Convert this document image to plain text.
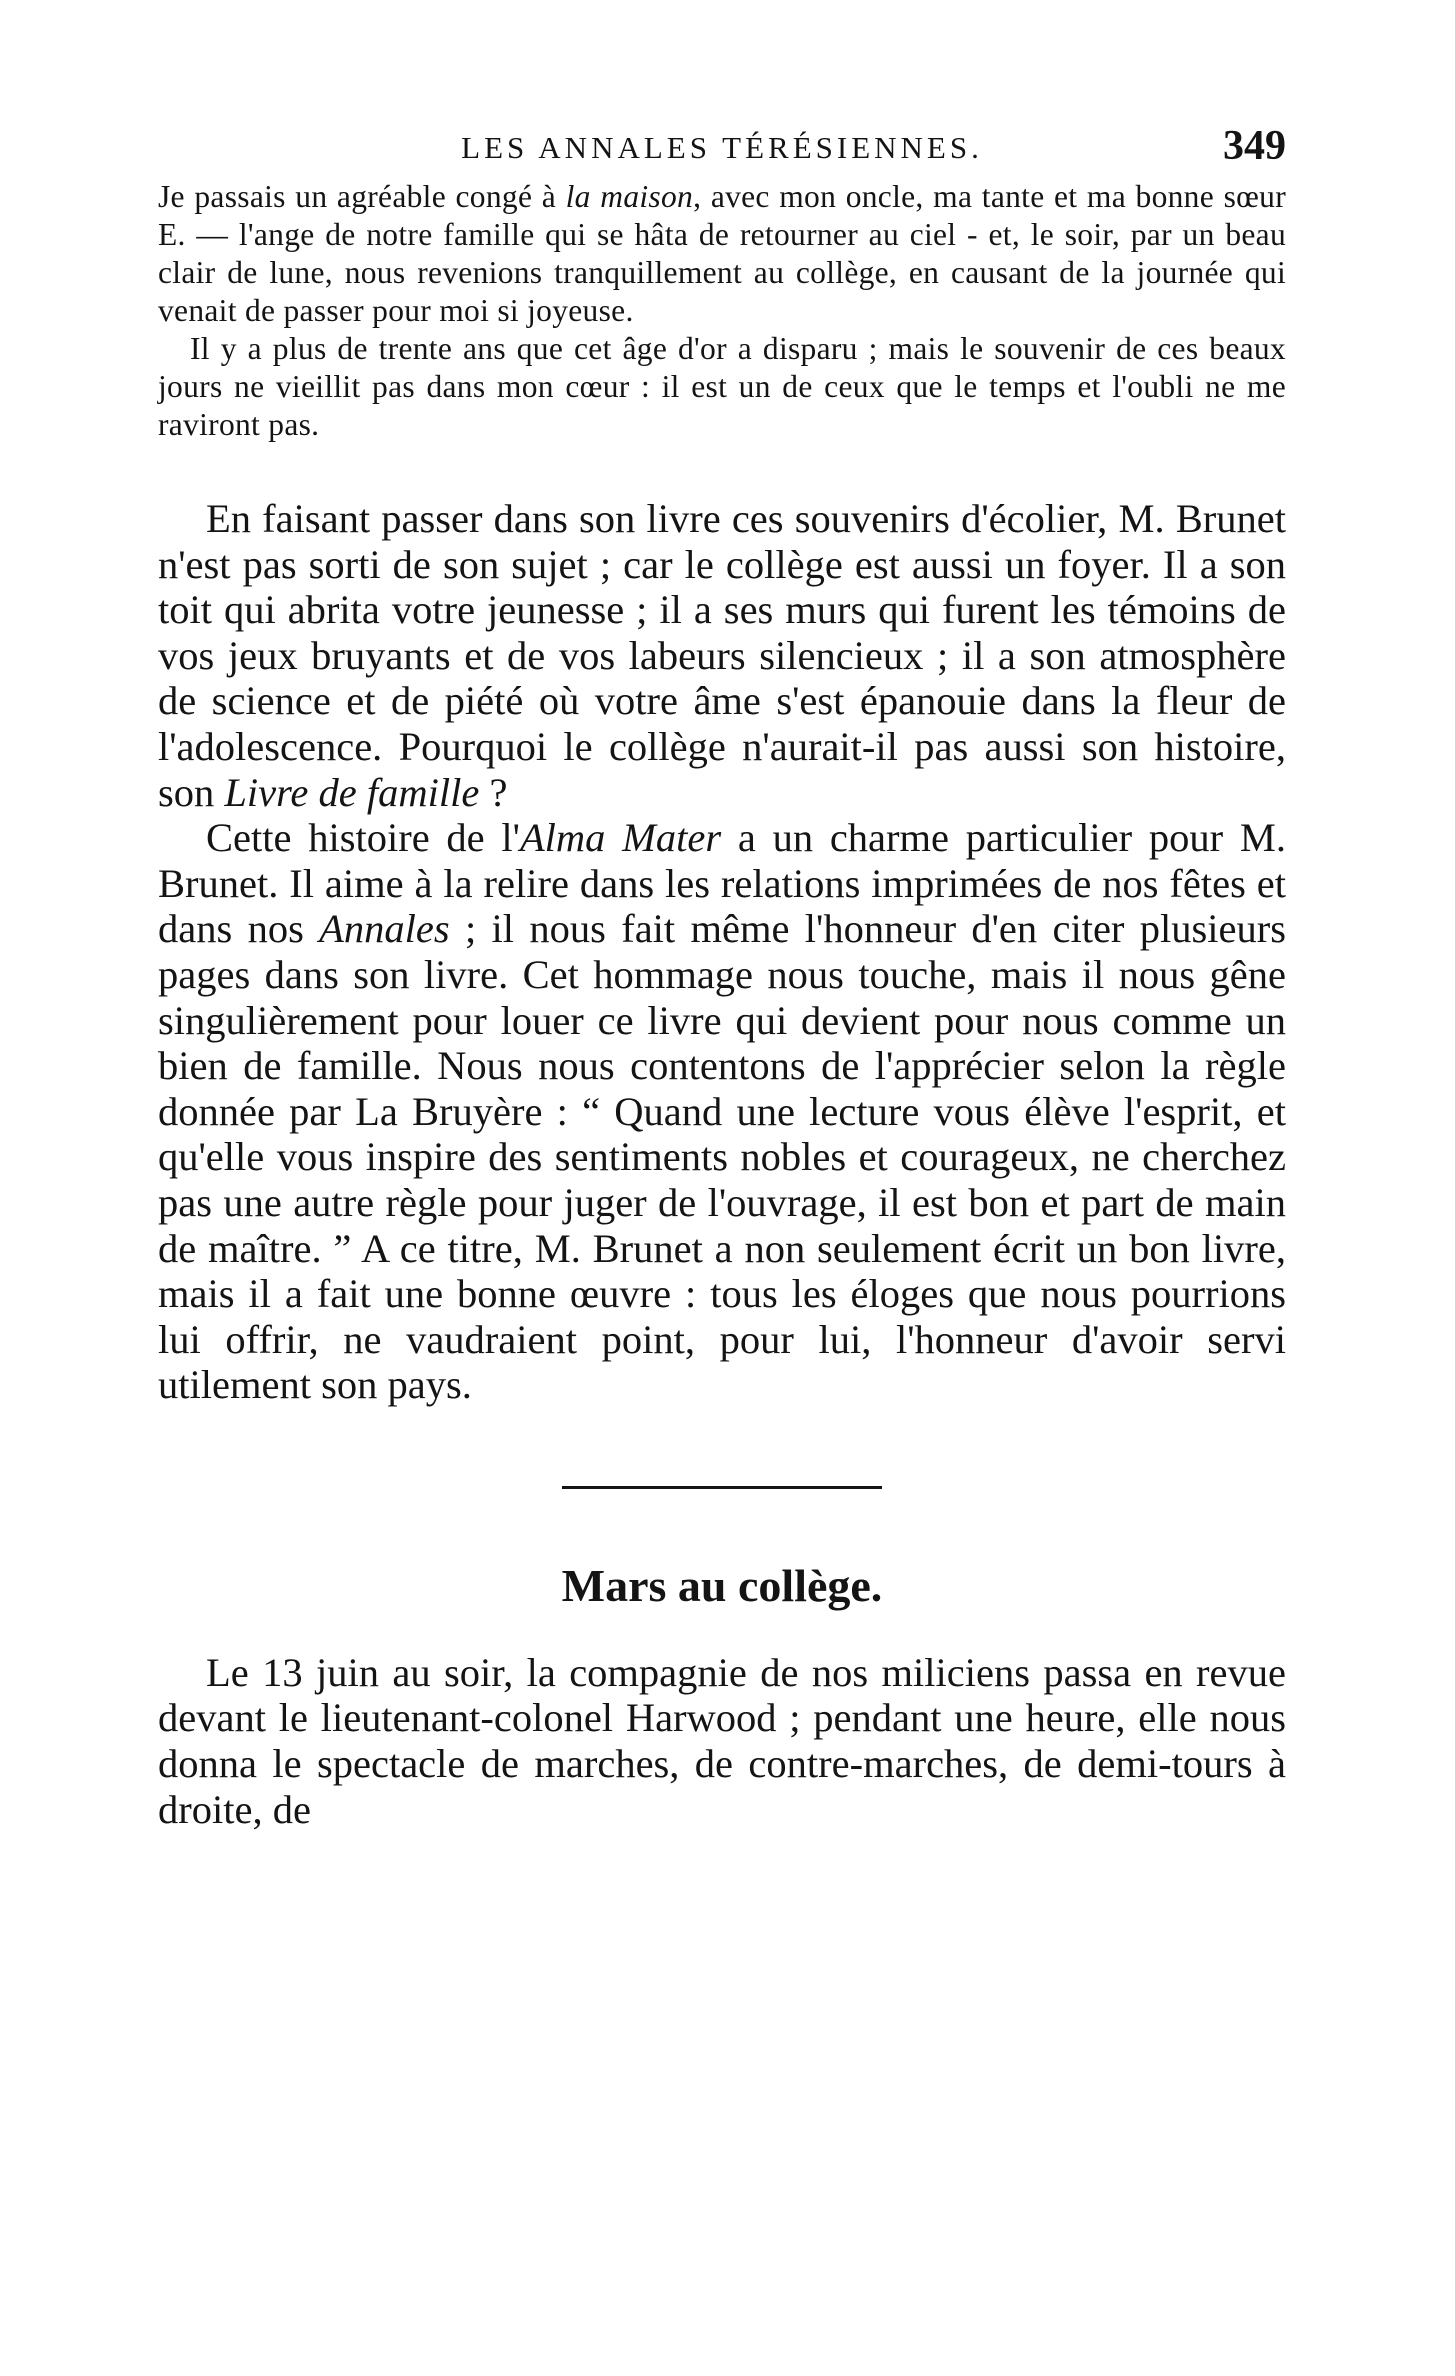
LES ANNALES TÉRÉSIENNES.	349

Je passais un agréable congé à la maison, avec mon oncle, ma tante et ma bonne sœur E. — l'ange de notre famille qui se hâta de retourner au ciel - et, le soir, par un beau clair de lune, nous revenions tranquillement au collège, en causant de la journée qui venait de passer pour moi si joyeuse.

Il y a plus de trente ans que cet âge d'or a disparu ; mais le souvenir de ces beaux jours ne vieillit pas dans mon cœur : il est un de ceux que le temps et l'oubli ne me raviront pas.

En faisant passer dans son livre ces souvenirs d'écolier, M. Brunet n'est pas sorti de son sujet ; car le collège est aussi un foyer. Il a son toit qui abrita votre jeunesse ; il a ses murs qui furent les témoins de vos jeux bruyants et de vos labeurs silencieux ; il a son atmosphère de science et de piété où votre âme s'est épanouie dans la fleur de l'adolescence. Pourquoi le collège n'aurait-il pas aussi son histoire, son Livre de famille ?

Cette histoire de l'Alma Mater a un charme particulier pour M. Brunet. Il aime à la relire dans les relations imprimées de nos fêtes et dans nos Annales ; il nous fait même l'honneur d'en citer plusieurs pages dans son livre. Cet hommage nous touche, mais il nous gêne singulièrement pour louer ce livre qui devient pour nous comme un bien de famille. Nous nous contentons de l'apprécier selon la règle donnée par La Bruyère : “ Quand une lecture vous élève l'esprit, et qu'elle vous inspire des sentiments nobles et courageux, ne cherchez pas une autre règle pour juger de l'ouvrage, il est bon et part de main de maître. ” A ce titre, M. Brunet a non seulement écrit un bon livre, mais il a fait une bonne œuvre : tous les éloges que nous pourrions lui offrir, ne vaudraient point, pour lui, l'honneur d'avoir servi utilement son pays.

Mars au collège.

Le 13 juin au soir, la compagnie de nos miliciens passa en revue devant le lieutenant-colonel Harwood ; pendant une heure, elle nous donna le spectacle de marches, de contre-marches, de demi-tours à droite, de
